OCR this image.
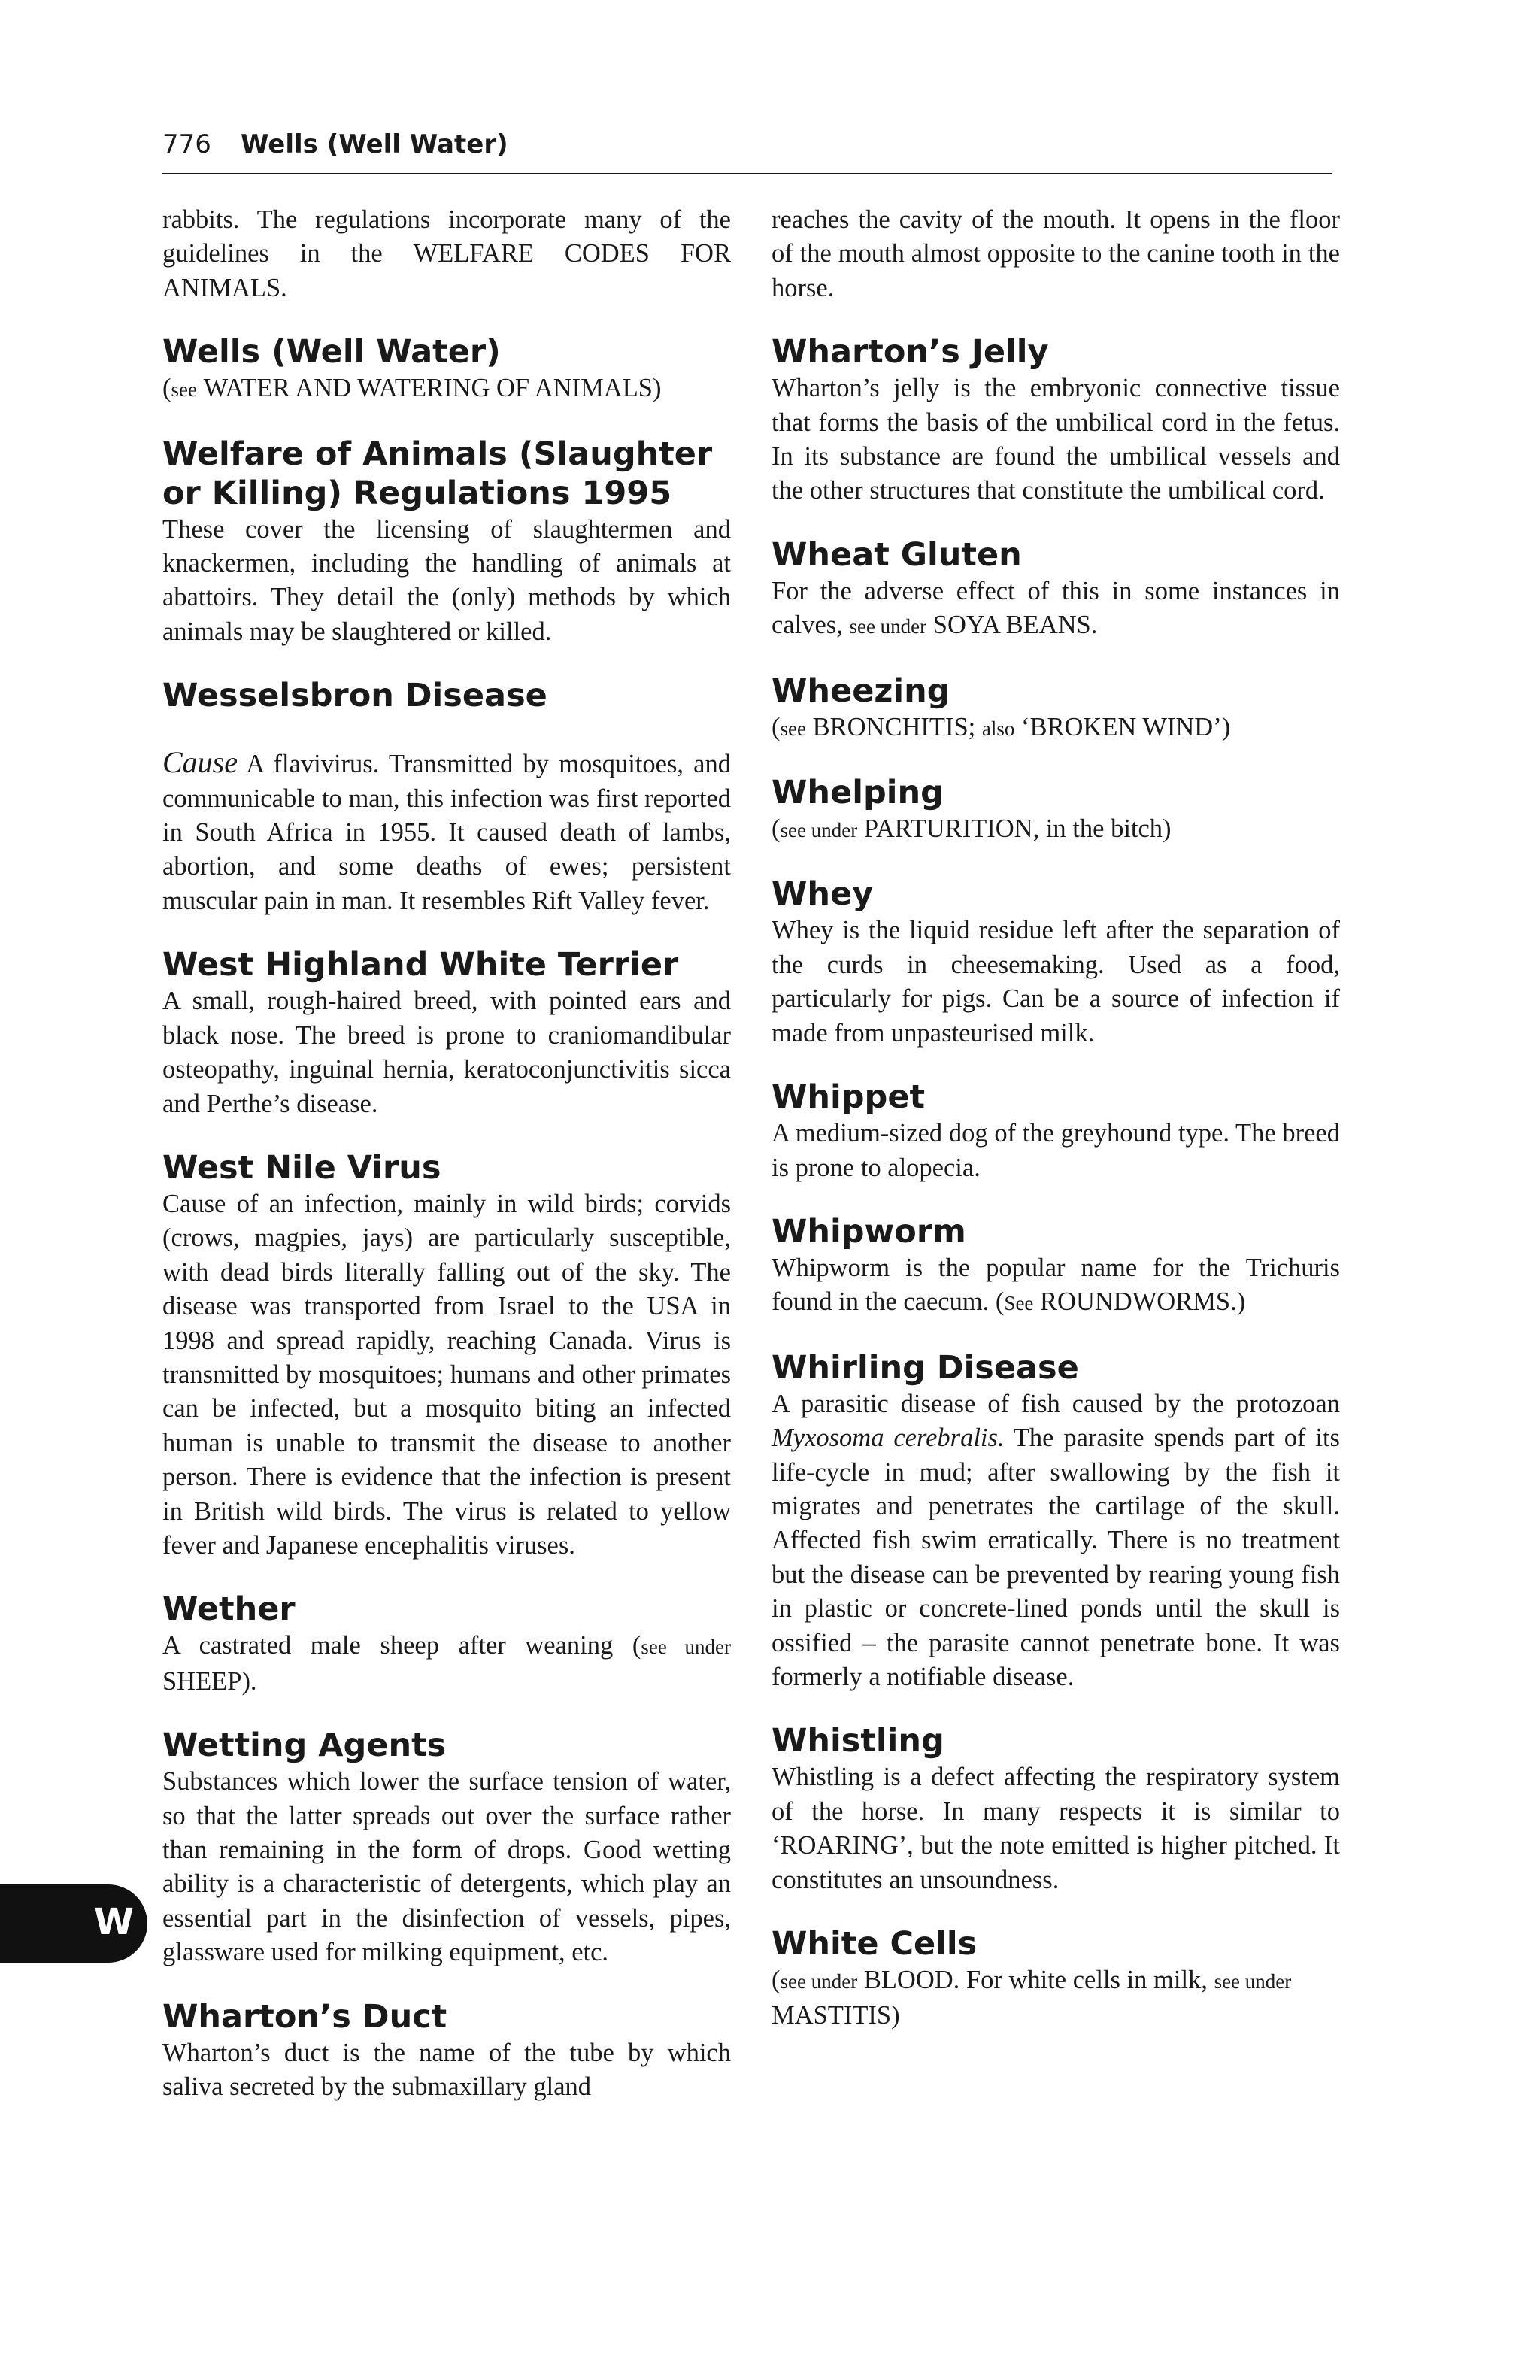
776 Wells (Well Water)
W

rabbits. The regulations incorporate many of the guidelines in the WELFARE CODES FOR ANIMALS.

Wells (Well Water)

(see WATER AND WATERING OF ANIMALS)

Welfare of Animals (Slaughter or Killing) Regulations 1995

These cover the licensing of slaughtermen and knackermen, including the handling of animals at abattoirs. They detail the (only) methods by which animals may be slaughtered or killed.

Wesselsbron Disease

Cause A flavivirus. Transmitted by mosquitoes, and communicable to man, this infection was first reported in South Africa in 1955. It caused death of lambs, abortion, and some deaths of ewes; persistent muscular pain in man. It resembles Rift Valley fever.

West Highland White Terrier

A small, rough-haired breed, with pointed ears and black nose. The breed is prone to craniomandibular osteopathy, inguinal hernia, keratoconjunctivitis sicca and Perthe’s disease.

West Nile Virus

Cause of an infection, mainly in wild birds; corvids (crows, magpies, jays) are particularly susceptible, with dead birds literally falling out of the sky. The disease was transported from Israel to the USA in 1998 and spread rapidly, reaching Canada. Virus is transmitted by mosquitoes; humans and other primates can be infected, but a mosquito biting an infected human is unable to transmit the disease to another person. There is evidence that the infection is present in British wild birds. The virus is related to yellow fever and Japanese encephalitis viruses.

Wether

A castrated male sheep after weaning (see under SHEEP).

Wetting Agents

Substances which lower the surface tension of water, so that the latter spreads out over the surface rather than remaining in the form of drops. Good wetting ability is a characteristic of detergents, which play an essential part in the disinfection of vessels, pipes, glassware used for milking equipment, etc.

Wharton’s Duct

Wharton’s duct is the name of the tube by which saliva secreted by the submaxillary gland

reaches the cavity of the mouth. It opens in the floor of the mouth almost opposite to the canine tooth in the horse.

Wharton’s Jelly

Wharton’s jelly is the embryonic connective tissue that forms the basis of the umbilical cord in the fetus. In its substance are found the umbilical vessels and the other structures that constitute the umbilical cord.

Wheat Gluten

For the adverse effect of this in some instances in calves, see under SOYA BEANS.

Wheezing

(see BRONCHITIS; also ‘BROKEN WIND’)

Whelping

(see under PARTURITION, in the bitch)

Whey

Whey is the liquid residue left after the separation of the curds in cheesemaking. Used as a food, particularly for pigs. Can be a source of infection if made from unpasteurised milk.

Whippet

A medium-sized dog of the greyhound type. The breed is prone to alopecia.

Whipworm

Whipworm is the popular name for the Trichuris found in the caecum. (See ROUNDWORMS.)

Whirling Disease

A parasitic disease of fish caused by the protozoan Myxosoma cerebralis. The parasite spends part of its life-cycle in mud; after swallowing by the fish it migrates and penetrates the cartilage of the skull. Affected fish swim erratically. There is no treatment but the disease can be prevented by rearing young fish in plastic or concrete-lined ponds until the skull is ossified – the parasite cannot penetrate bone. It was formerly a notifiable disease.

Whistling

Whistling is a defect affecting the respiratory system of the horse. In many respects it is similar to ‘ROARING’, but the note emitted is higher pitched. It constitutes an unsoundness.

White Cells

(see under BLOOD. For white cells in milk, see under MASTITIS)
